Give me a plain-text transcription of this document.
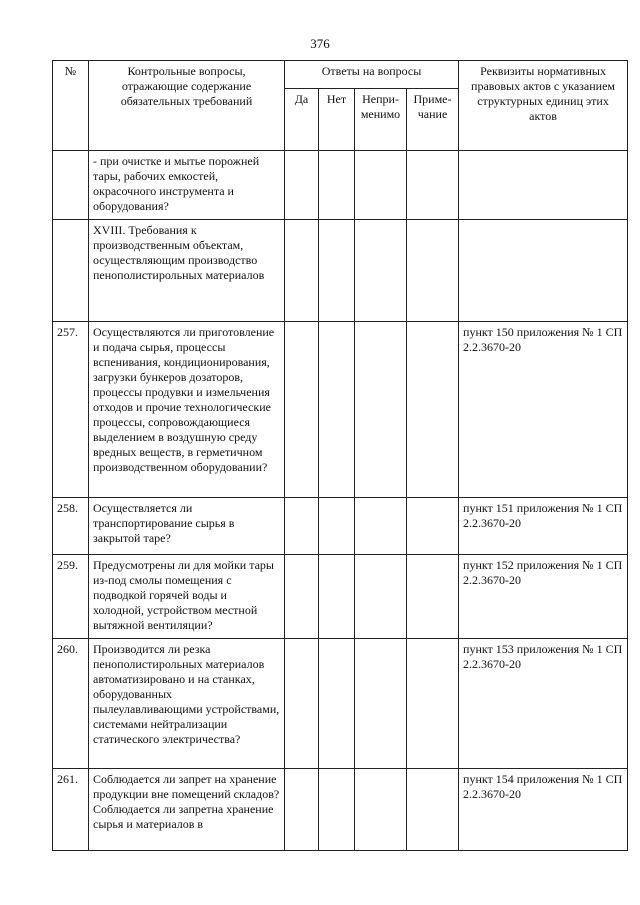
376
№	Контрольные вопросы, отражающие содержание обязательных требований	Ответы на вопросы				Реквизиты нормативных правовых актов с указанием структурных единиц этих актов
		Да	Нет	Непри-менимо	Приме-чание	
	- при очистке и мытье порожней тары, рабочих емкостей, окрасочного инструмента и оборудования?					
	XVIII. Требования к производственным объектам, осуществляющим производство пенополистирольных материалов					
257.	Осуществляются ли приготовление и подача сырья, процессы вспенивания, кондиционирования, загрузки бункеров дозаторов, процессы продувки и измельчения отходов и прочие технологические процессы, сопровождающиеся выделением в воздушную среду вредных веществ, в герметичном производственном оборудовании?					пункт 150 приложения № 1 СП 2.2.3670-20
258.	Осуществляется ли транспортирование сырья в закрытой таре?					пункт 151 приложения № 1 СП 2.2.3670-20
259.	Предусмотрены ли для мойки тары из-под смолы помещения с подводкой горячей воды и холодной, устройством местной вытяжной вентиляции?					пункт 152 приложения № 1 СП 2.2.3670-20
260.	Производится ли резка пенополистирольных материалов автоматизировано и на станках, оборудованных пылеулавливающими устройствами, системами нейтрализации статического электричества?					пункт 153 приложения № 1 СП 2.2.3670-20
261.	Соблюдается ли запрет на хранение продукции вне помещений складов? Соблюдается ли запретна хранение сырья и материалов в					пункт 154 приложения № 1 СП 2.2.3670-20
